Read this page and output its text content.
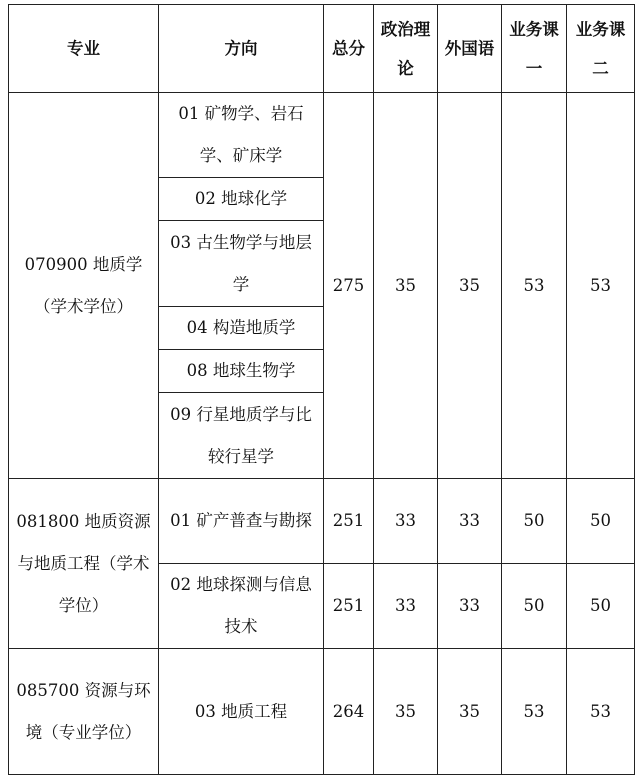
专业	方向	总分	政治理论	外国语	业务课一	业务课二
070900 地质学（学术学位）	01 矿物学、岩石学、矿床学	275	35	35	53	53
	02 地球化学					
	03 古生物学与地层学					
	04 构造地质学					
	08 地球生物学					
	09 行星地质学与比较行星学					
081800 地质资源与地质工程（学术学位）	01 矿产普查与勘探	251	33	33	50	50
	02 地球探测与信息技术	251	33	33	50	50
085700 资源与环境（专业学位）	03 地质工程	264	35	35	53	53
